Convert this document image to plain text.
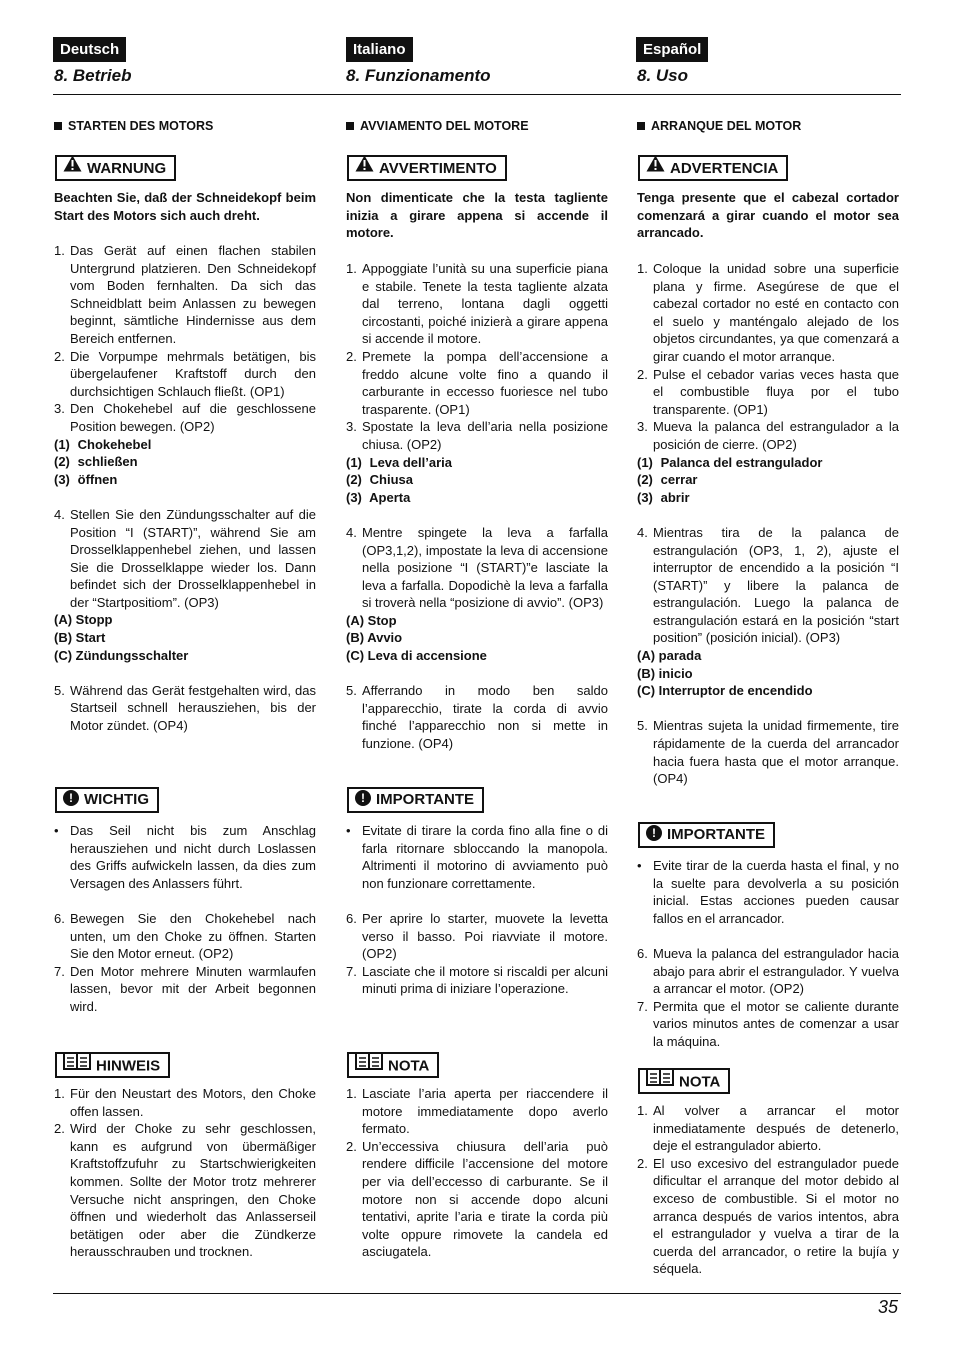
Deutsch	Italiano	Español
8. Betrieb	8. Funzionamento	8. Uso
35
STARTEN DES MOTORS
WARNUNG

Beachten Sie, daß der Schneidekopf beim Start des Motors sich auch dreht.

1. Das Gerät auf einen flachen stabilen Untergrund platzieren. Den Schneidekopf vom Boden fernhalten. Da sich das Schneidblatt beim Anlassen zu bewegen beginnt, sämtliche Hindernisse aus dem Bereich entfernen.
2. Die Vorpumpe mehrmals betätigen, bis übergelaufener Kraftstoff durch den durchsichtigen Schlauch fließt. (OP1)
3. Den Chokehebel auf die geschlossene Position bewegen. (OP2)
(1) Chokehebel
(2) schließen
(3) öffnen
4. Stellen Sie den Zündungsschalter auf die Position “I (START)”, während Sie am Drosselklappenhebel ziehen, und lassen Sie die Drosselklappe wieder los. Dann befindet sich der Drosselklappenhebel in der “Startpositiom”. (OP3)
(A) Stopp
(B) Start
(C) Zündungsschalter
5. Während das Gerät festgehalten wird, das Startseil schnell herausziehen, bis der Motor zündet. (OP4)
! WICHTIG
• Das Seil nicht bis zum Anschlag herausziehen und nicht durch Loslassen des Griffs aufwickeln lassen, da dies zum Versagen des Anlassers führt.
6. Bewegen Sie den Chokehebel nach unten, um den Choke zu öffnen. Starten Sie den Motor erneut. (OP2)
7. Den Motor mehrere Minuten warmlaufen lassen, bevor mit der Arbeit begonnen wird.
HINWEIS
1. Für den Neustart des Motors, den Choke offen lassen.
2. Wird der Choke zu sehr geschlossen, kann es aufgrund von übermäßiger Kraftstoffzufuhr zu Startschwierigkeiten kommen. Sollte der Motor trotz mehrerer Versuche nicht anspringen, den Choke öffnen und wiederholt das Anlasserseil betätigen oder aber die Zündkerze herausschrauben und trocknen.
AVVIAMENTO DEL MOTORE
AVVERTIMENTO

Non dimenticate che la testa tagliente inizia a girare appena si accende il motore.

1. Appoggiate l’unità su una superficie piana e stabile. Tenete la testa tagliente alzata dal terreno, lontana dagli oggetti circostanti, poiché inizierà a girare appena si accende il motore.
2. Premete la pompa dell’accensione a freddo alcune volte fino a quando il carburante in eccesso fuoriesce nel tubo trasparente. (OP1)
3. Spostate la leva dell’aria nella posizione chiusa. (OP2)
(1) Leva dell’aria
(2) Chiusa
(3) Aperta
4. Mentre spingete la leva a farfalla (OP3,1,2), impostate la leva di accensione nella posizione “I (START)”e lasciate la leva a farfalla. Dopodichè la leva a farfalla si troverà nella “posizione di avvio”. (OP3)
(A) Stop
(B) Avvio
(C) Leva di accensione
5. Afferrando in modo ben saldo l’apparecchio, tirate la corda di avvio finché l’apparecchio non si mette in funzione. (OP4)
! IMPORTANTE
• Evitate di tirare la corda fino alla fine o di farla ritornare sbloccando la manopola. Altrimenti il motorino di avviamento può non funzionare correttamente.
6. Per aprire lo starter, muovete la levetta verso il basso. Poi riavviate il motore. (OP2)
7. Lasciate che il motore si riscaldi per alcuni minuti prima di iniziare l’operazione.
NOTA
1. Lasciate l’aria aperta per riaccendere il motore immediatamente dopo averlo fermato.
2. Un’eccessiva chiusura dell’aria può rendere difficile l’accensione del motore per via dell’eccesso di carburante. Se il motore non si accende dopo alcuni tentativi, aprite l’aria e tirate la corda più volte oppure rimovete la candela ed asciugatela.
ARRANQUE DEL MOTOR
ADVERTENCIA

Tenga presente que el cabezal cortador comenzará a girar cuando el motor sea arrancado.

1. Coloque la unidad sobre una superficie plana y firme. Asegúrese de que el cabezal cortador no esté en contacto con el suelo y manténgalo alejado de los objetos circundantes, ya que comenzará a girar cuando el motor arranque.
2. Pulse el cebador varias veces hasta que el combustible fluya por el tubo transparente. (OP1)
3. Mueva la palanca del estrangulador a la posición de cierre. (OP2)
(1) Palanca del estrangulador
(2) cerrar
(3) abrir
4. Mientras tira de la palanca de estrangulación (OP3, 1, 2), ajuste el interruptor de encendido a la posición “I (START)” y libere la palanca de estrangulación. Luego la palanca de estrangulación estará en la posición “start position” (posición inicial). (OP3)
(A) parada
(B) inicio
(C) Interruptor de encendido
5. Mientras sujeta la unidad firmemente, tire rápidamente de la cuerda del arrancador hacia fuera hasta que el motor arranque. (OP4)
! IMPORTANTE
• Evite tirar de la cuerda hasta el final, y no la suelte para devolverla a su posición inicial. Estas acciones pueden causar fallos en el arrancador.
6. Mueva la palanca del estrangulador hacia abajo para abrir el estrangulador. Y vuelva a arrancar el motor. (OP2)
7. Permita que el motor se caliente durante varios minutos antes de comenzar a usar la máquina.
NOTA
1. Al volver a arrancar el motor inmediatamente después de detenerlo, deje el estrangulador abierto.
2. El uso excesivo del estrangulador puede dificultar el arranque del motor debido al exceso de combustible. Si el motor no arranca después de varios intentos, abra el estrangulador y vuelva a tirar de la cuerda del arrancador, o retire la bujía y séquela.
